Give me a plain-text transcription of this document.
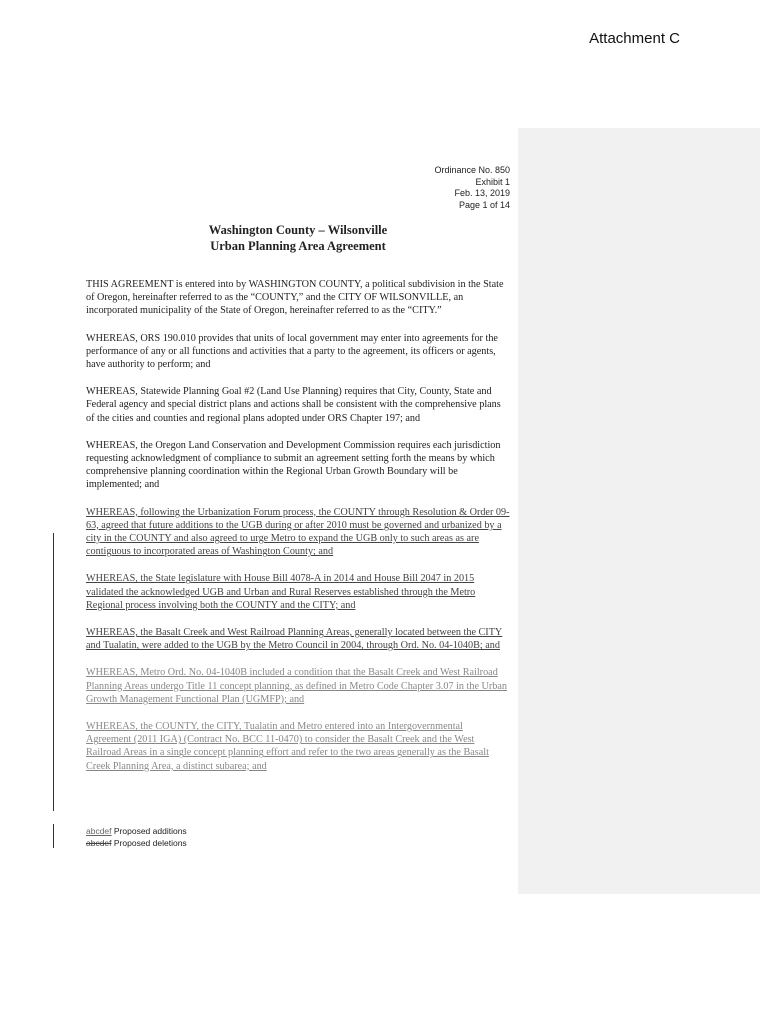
Attachment C
Ordinance No. 850
Exhibit 1
Feb. 13, 2019
Page 1 of 14
Washington County – Wilsonville
Urban Planning Area Agreement

THIS AGREEMENT is entered into by WASHINGTON COUNTY, a political subdivision in the State of Oregon, hereinafter referred to as the “COUNTY,” and the CITY OF WILSONVILLE, an incorporated municipality of the State of Oregon, hereinafter referred to as the “CITY.”

WHEREAS, ORS 190.010 provides that units of local government may enter into agreements for the performance of any or all functions and activities that a party to the agreement, its officers or agents, have authority to perform; and

WHEREAS, Statewide Planning Goal #2 (Land Use Planning) requires that City, County, State and Federal agency and special district plans and actions shall be consistent with the comprehensive plans of the cities and counties and regional plans adopted under ORS Chapter 197; and

WHEREAS, the Oregon Land Conservation and Development Commission requires each jurisdiction requesting acknowledgment of compliance to submit an agreement setting forth the means by which comprehensive planning coordination within the Regional Urban Growth Boundary will be implemented; and

WHEREAS, following the Urbanization Forum process, the COUNTY through Resolution & Order 09-63, agreed that future additions to the UGB during or after 2010 must be governed and urbanized by a city in the COUNTY and also agreed to urge Metro to expand the UGB only to such areas as are contiguous to incorporated areas of Washington County; and

WHEREAS, the State legislature with House Bill 4078-A in 2014 and House Bill 2047 in 2015 validated the acknowledged UGB and Urban and Rural Reserves established through the Metro Regional process involving both the COUNTY and the CITY; and

WHEREAS, the Basalt Creek and West Railroad Planning Areas, generally located between the CITY and Tualatin, were added to the UGB by the Metro Council in 2004, through Ord. No. 04-1040B; and

WHEREAS, Metro Ord. No. 04-1040B included a condition that the Basalt Creek and West Railroad Planning Areas undergo Title 11 concept planning, as defined in Metro Code Chapter 3.07 in the Urban Growth Management Functional Plan (UGMFP); and

WHEREAS, the COUNTY, the CITY, Tualatin and Metro entered into an Intergovernmental Agreement (2011 IGA) (Contract No. BCC 11-0470) to consider the Basalt Creek and the West Railroad Areas in a single concept planning effort and refer to the two areas generally as the Basalt Creek Planning Area, a distinct subarea; and

abcdef Proposed additions
abcdef Proposed deletions
